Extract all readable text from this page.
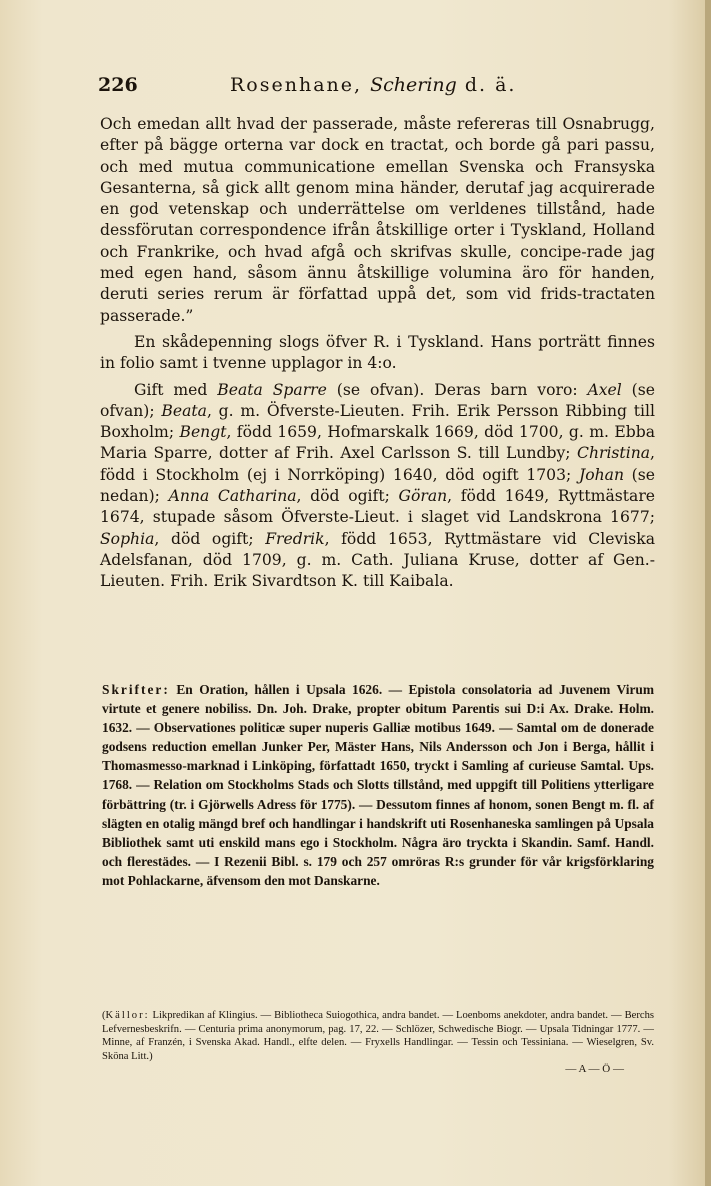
226	Rosenhane, Schering d. ä.

Och emedan allt hvad der passerade, måste refereras till Osnabrugg, efter på bägge orterna var dock en tractat, och borde gå pari passu, och med mutua communicatione emellan Svenska och Fransyska Gesanterna, så gick allt genom mina händer, derutaf jag acquirerade en god vetenskap och underrättelse om verldenes tillstånd, hade dessförutan correspondence ifrån åtskillige orter i Tyskland, Holland och Frankrike, och hvad afgå och skrifvas skulle, concipe-rade jag med egen hand, såsom ännu åtskillige volumina äro för handen, deruti series rerum är författad uppå det, som vid frids-tractaten passerade.”

En skådepenning slogs öfver R. i Tyskland. Hans porträtt finnes in folio samt i tvenne upplagor in 4:o.

Gift med Beata Sparre (se ofvan). Deras barn voro: Axel (se ofvan); Beata, g. m. Öfverste-Lieuten. Frih. Erik Persson Ribbing till Boxholm; Bengt, född 1659, Hofmarskalk 1669, död 1700, g. m. Ebba Maria Sparre, dotter af Frih. Axel Carlsson S. till Lundby; Christina, född i Stockholm (ej i Norrköping) 1640, död ogift 1703; Johan (se nedan); Anna Catharina, död ogift; Göran, född 1649, Ryttmästare 1674, stupade såsom Öfverste-Lieut. i slaget vid Landskrona 1677; Sophia, död ogift; Fredrik, född 1653, Ryttmästare vid Cleviska Adelsfanan, död 1709, g. m. Cath. Juliana Kruse, dotter af Gen.-Lieuten. Frih. Erik Sivardtson K. till Kaibala.

Skrifter: En Oration, hållen i Upsala 1626. — Epistola consolatoria ad Juvenem Virum virtute et genere nobiliss. Dn. Joh. Drake, propter obitum Parentis sui D:i Ax. Drake. Holm. 1632. — Observationes politicæ super nuperis Galliæ motibus 1649. — Samtal om de donerade godsens reduction emellan Junker Per, Mäster Hans, Nils Andersson och Jon i Berga, hållit i Thomasmesso-marknad i Linköping, författadt 1650, tryckt i Samling af curieuse Samtal. Ups. 1768. — Relation om Stockholms Stads och Slotts tillstånd, med uppgift till Politiens ytterligare förbättring (tr. i Gjörwells Adress för 1775). — Dessutom finnes af honom, sonen Bengt m. fl. af slägten en otalig mängd bref och handlingar i handskrift uti Rosenhaneska samlingen på Upsala Bibliothek samt uti enskild mans ego i Stockholm. Några äro tryckta i Skandin. Samf. Handl. och flerestädes. — I Rezenii Bibl. s. 179 och 257 omröras R:s grunder för vår krigsförklaring mot Pohlackarne, äfvensom den mot Danskarne.
(Källor: Likpredikan af Klingius. — Bibliotheca Suiogothica, andra bandet. — Loenboms anekdoter, andra bandet. — Berchs Lefvernesbeskrifn. — Centuria prima anonymorum, pag. 17, 22. — Schlözer, Schwedische Biogr. — Upsala Tidningar 1777. — Minne, af Franzén, i Svenska Akad. Handl., elfte delen. — Fryxells Handlingar. — Tessin och Tessiniana. — Wieselgren, Sv. Sköna Litt.)
— A — Ö —
